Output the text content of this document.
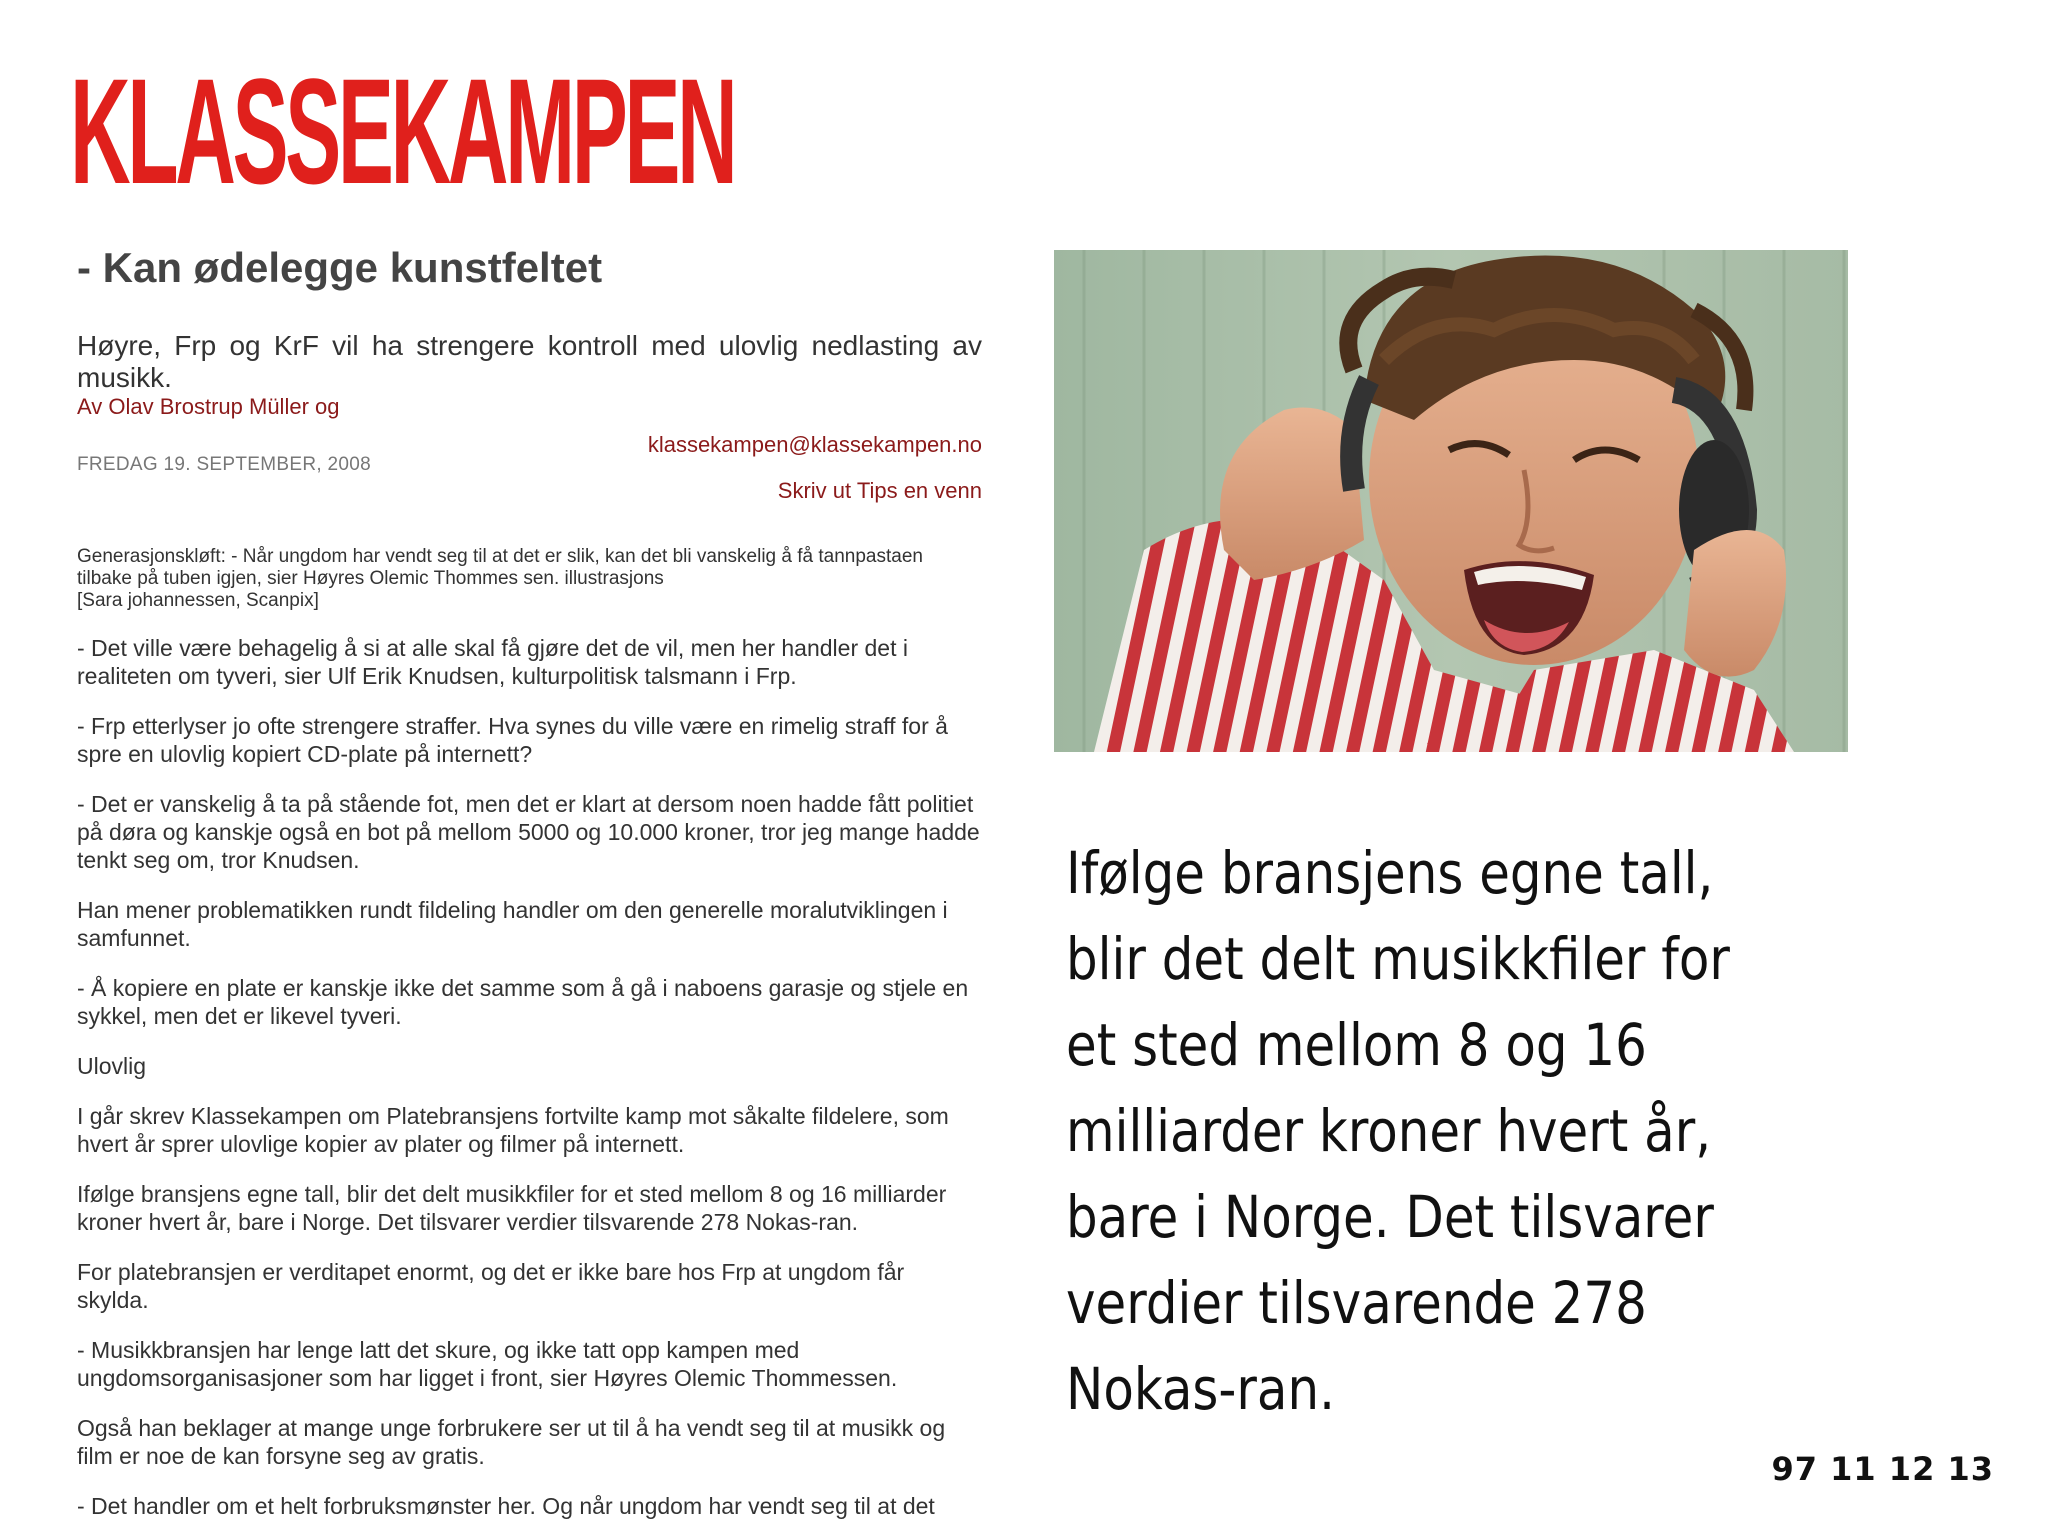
KLASSEKAMPEN
- Kan ødelegge kunstfeltet

Høyre, Frp og KrF vil ha strengere kontroll med ulovlig nedlasting av musikk.

Av Olav Brostrup Müller og

klassekampen@klassekampen.no
FREDAG 19. SEPTEMBER, 2008
Skriv ut Tips en venn
Generasjonskløft: - Når ungdom har vendt seg til at det er slik, kan det bli vanskelig å få tannpastaen tilbake på tuben igjen, sier Høyres Olemic Thommes sen. illustrasjons
[Sara johannessen, Scanpix]

- Det ville være behagelig å si at alle skal få gjøre det de vil, men her handler det i realiteten om tyveri, sier Ulf Erik Knudsen, kulturpolitisk talsmann i Frp.

- Frp etterlyser jo ofte strengere straffer. Hva synes du ville være en rimelig straff for å spre en ulovlig kopiert CD-plate på internett?

- Det er vanskelig å ta på stående fot, men det er klart at dersom noen hadde fått politiet på døra og kanskje også en bot på mellom 5000 og 10.000 kroner, tror jeg mange hadde tenkt seg om, tror Knudsen.

Han mener problematikken rundt fildeling handler om den generelle moralutviklingen i samfunnet.

- Å kopiere en plate er kanskje ikke det samme som å gå i naboens garasje og stjele en sykkel, men det er likevel tyveri.

Ulovlig

I går skrev Klassekampen om Platebransjens fortvilte kamp mot såkalte fildelere, som hvert år sprer ulovlige kopier av plater og filmer på internett.

Ifølge bransjens egne tall, blir det delt musikkfiler for et sted mellom 8 og 16 milliarder kroner hvert år, bare i Norge. Det tilsvarer verdier tilsvarende 278 Nokas-ran.

For platebransjen er verditapet enormt, og det er ikke bare hos Frp at ungdom får skylda.

- Musikkbransjen har lenge latt det skure, og ikke tatt opp kampen med ungdomsorganisasjoner som har ligget i front, sier Høyres Olemic Thommessen.

Også han beklager at mange unge forbrukere ser ut til å ha vendt seg til at musikk og film er noe de kan forsyne seg av gratis.

- Det handler om et helt forbruksmønster her. Og når ungdom har vendt seg til at det

Ifølge bransjens egne tall, blir det delt musikkfiler for et sted mellom 8 og 16 milliarder kroner hvert år, bare i Norge. Det tilsvarer verdier tilsvarende 278 Nokas-ran.
97 11 12 13
